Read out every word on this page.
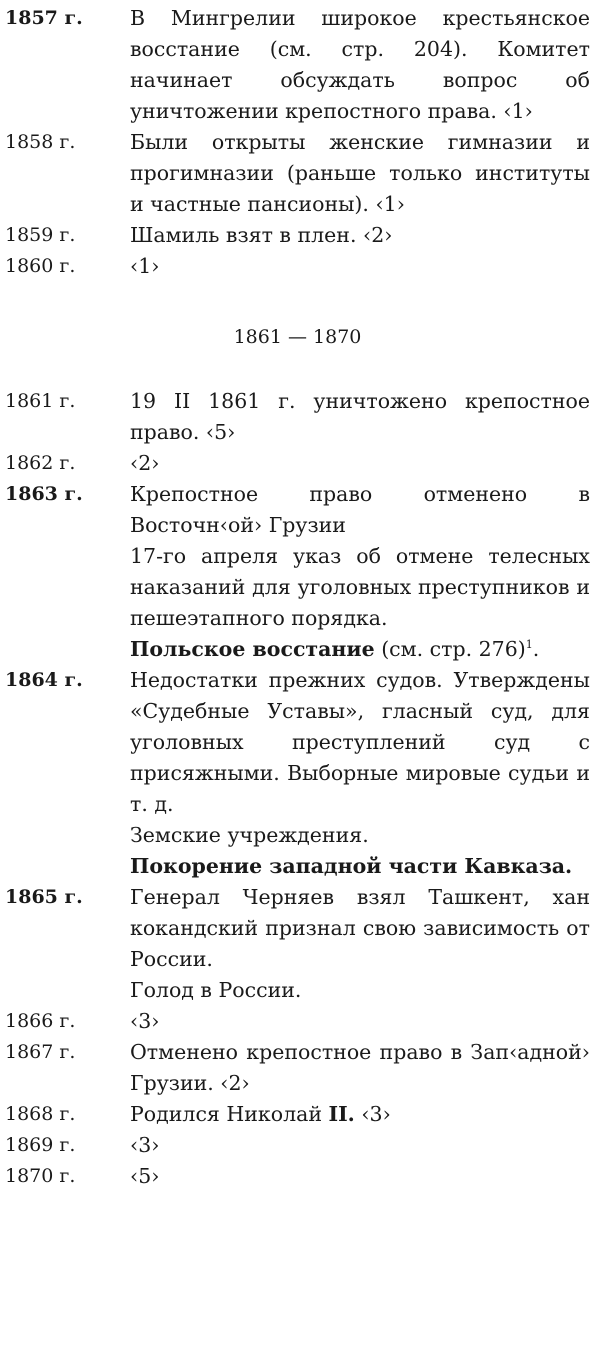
1857 г.	В Мингрелии широкое крестьянское восстание (см. стр. 204). Комитет начинает обсуждать вопрос об уничтожении крепостного права. ‹1›

1858 г.	Были открыты женские гимназии и прогимназии (раньше только институты и частные пансионы). ‹1›

1859 г.	Шамиль взят в плен. ‹2›

1860 г.	‹1›

1861 — 1870
1861 г.	19 II 1861 г. уничтожено крепостное право. ‹5›

1862 г.	‹2›

1863 г.	Крепостное право отменено в Восточн‹ой› Грузии

17-го апреля указ об отмене телесных наказаний для уголовных преступников и пешеэтапного порядка.

Польское восстание (см. стр. 276)$^1$.

1864 г.	Недостатки прежних судов. Утверждены «Судебные Уставы», гласный суд, для уголовных преступлений суд с присяжными. Выборные мировые судьи и т. д.

Земские учреждения.

Покорение западной части Кавказа.

1865 г.	Генерал Черняев взял Ташкент, хан кокандский признал свою зависимость от России.

Голод в России.

1866 г.	‹3›

1867 г.	Отменено крепостное право в Зап‹адной› Грузии. ‹2›

1868 г.	Родился Николай II. ‹3›

1869 г.	‹3›

1870 г.	‹5›
